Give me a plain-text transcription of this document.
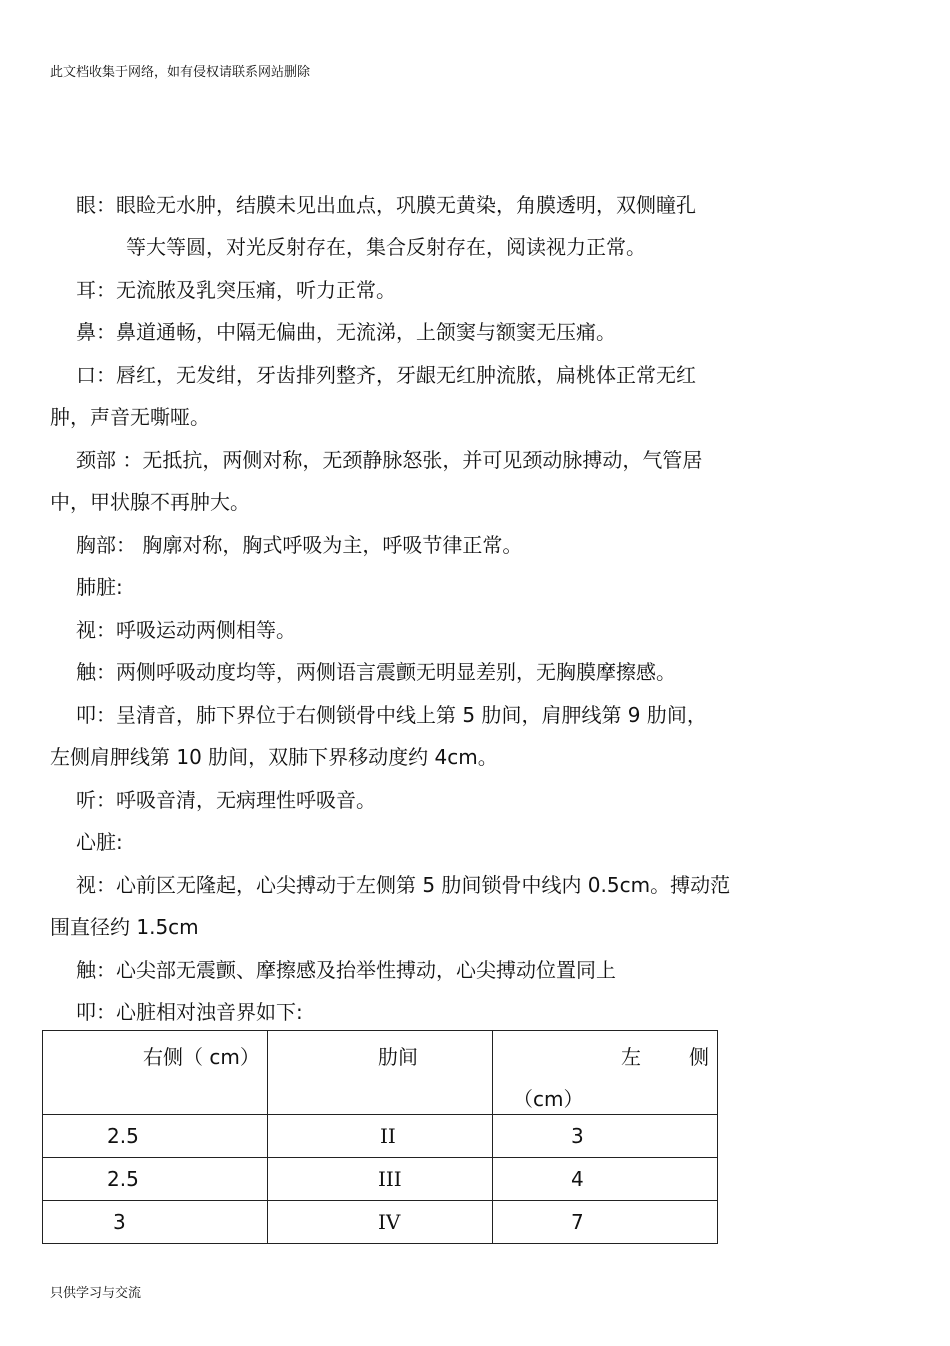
此文档收集于网络，如有侵权请联系网站删除
眼：眼睑无水肿，结膜未见出血点，巩膜无黄染，角膜透明，双侧瞳孔
等大等圆，对光反射存在，集合反射存在，阅读视力正常。
耳：无流脓及乳突压痛，听力正常。
鼻：鼻道通畅，中隔无偏曲，无流涕，上颌窦与额窦无压痛。
口：唇红，无发绀，牙齿排列整齐，牙龈无红肿流脓，扁桃体正常无红
肿，声音无嘶哑。
颈部 ：无抵抗，两侧对称，无颈静脉怒张，并可见颈动脉搏动，气管居
中，甲状腺不再肿大。
胸部： 胸廓对称，胸式呼吸为主，呼吸节律正常。
肺脏:
视：呼吸运动两侧相等。
触：两侧呼吸动度均等，两侧语言震颤无明显差别，无胸膜摩擦感。
叩：呈清音，肺下界位于右侧锁骨中线上第 5 肋间，肩胛线第 9 肋间，
左侧肩胛线第 10 肋间，双肺下界移动度约 4cm。
听：呼吸音清，无病理性呼吸音。
心脏:
视：心前区无隆起，心尖搏动于左侧第 5 肋间锁骨中线内 0.5cm。搏动范
围直径约 1.5cm
触：心尖部无震颤、摩擦感及抬举性搏动，心尖搏动位置同上
叩：心脏相对浊音界如下:
右侧（ cm）	肋间	左 侧
（cm）

2.5	II	3

2.5	III	4

3	IV	7
只供学习与交流
